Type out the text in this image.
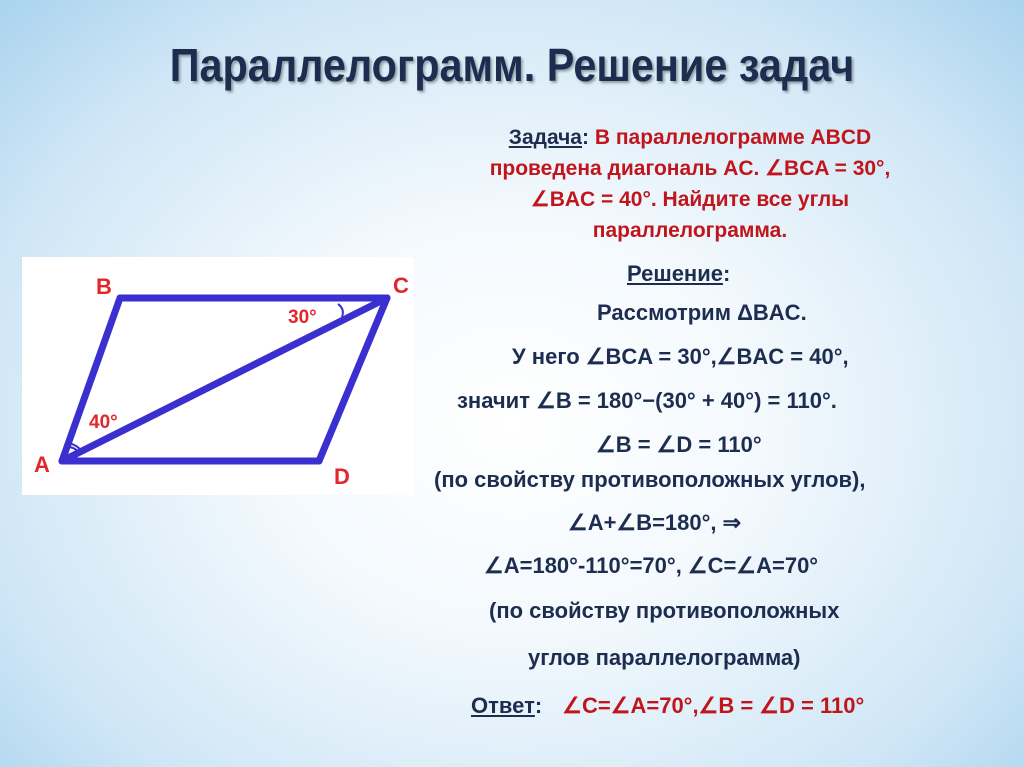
Параллелограмм. Решение задач
Задача: В параллелограмме ABCD
проведена диагональ AC. ∠BCA = 30°,
∠BAC = 40°. Найдите все углы
параллелограмма.
B	C
A	D
30°
40°
Решение:
Рассмотрим ΔBAC.
У него ∠BCA = 30°,∠BAC = 40°,
значит ∠B = 180°−(30° + 40°) = 110°.
∠B = ∠D = 110°
(по свойству противоположных углов),
∠A+∠B=180°, ⇒
∠A=180°-110°=70°, ∠C=∠A=70°
(по свойству противоположных
углов параллелограмма)
Ответ: ∠C=∠A=70°,∠B = ∠D = 110°
